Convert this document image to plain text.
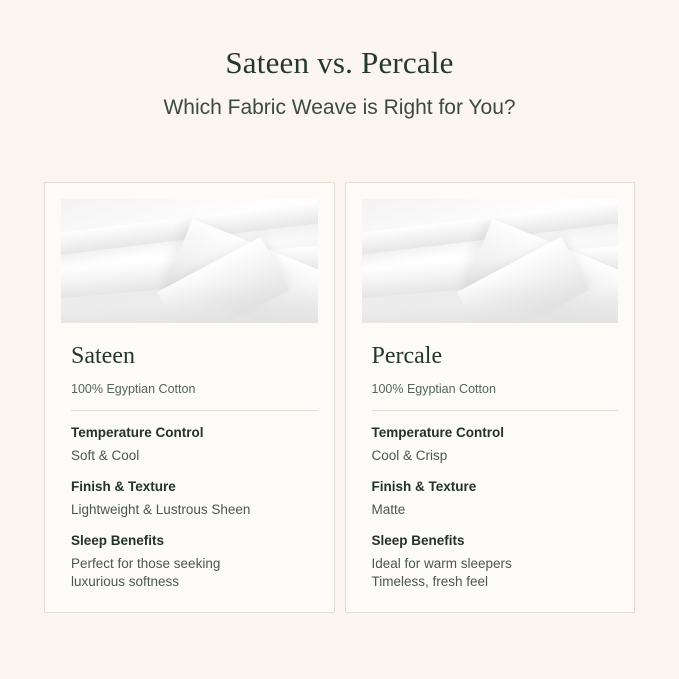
Sateen vs. Percale

Which Fabric Weave is Right for You?

Sateen
100% Egyptian Cotton
Temperature Control
Soft & Cool
Finish & Texture
Lightweight & Lustrous Sheen
Sleep Benefits
Perfect for those seeking
luxurious softness
Percale
100% Egyptian Cotton
Temperature Control
Cool & Crisp
Finish & Texture
Matte
Sleep Benefits
Ideal for warm sleepers
Timeless, fresh feel
